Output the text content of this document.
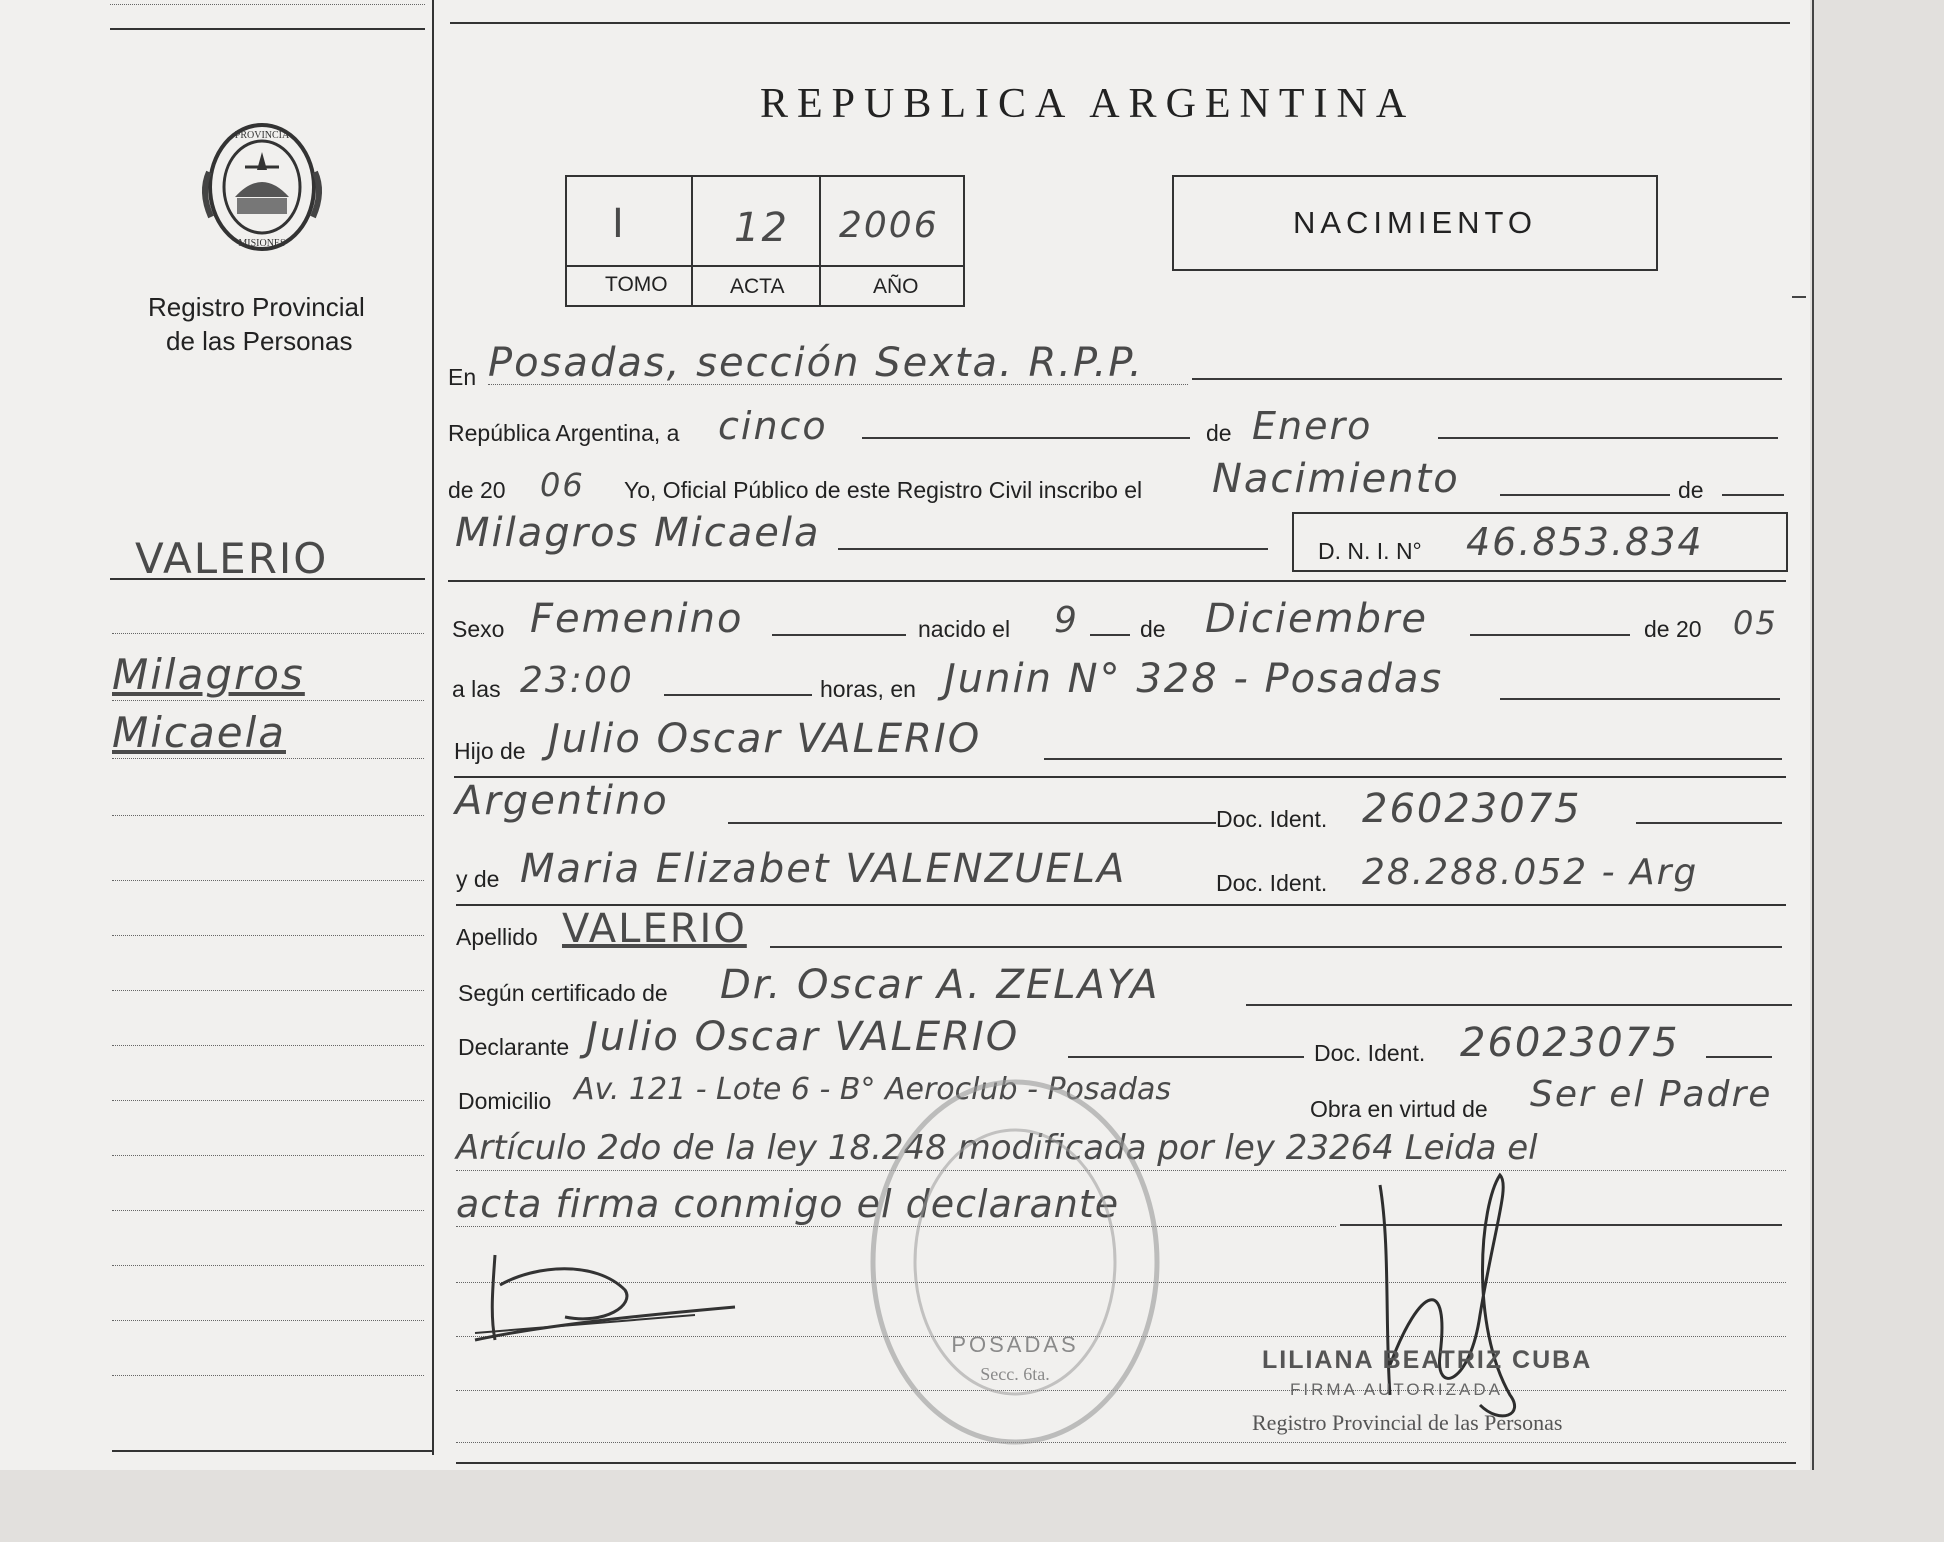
PROVINCIA
MISIONES
Registro Provincial
de las Personas
VALERIO
Milagros
Micaela
REPUBLICA ARGENTINA
I	12 2006
TOMO	ACTA	AÑO
NACIMIENTO
En Posadas, sección Sexta. R.P.P.
República Argentina, a cinco	de Enero
de 20 06 Yo, Oficial Público de este Registro Civil inscribo el Nacimiento	de
Milagros Micaela	D. N. I. N° 46.853.834
Sexo Femenino	nacido el 9	de Diciembre	de 20 05
a las 23:00	horas, en Junin N° 328 - Posadas
Hijo de Julio Oscar VALERIO
Argentino	Doc. Ident. 26023075
y de Maria Elizabet VALENZUELA	Doc. Ident. 28.288.052 - Arg
Apellido VALERIO
Según certificado de Dr. Oscar A. ZELAYA
Declarante Julio Oscar VALERIO	Doc. Ident. 26023075
Domicilio Av. 121 - Lote 6 - B° Aeroclub - Posadas
Obra en virtud de Ser el Padre
Artículo 2do de la ley 18.248 modificada por ley 23264 Leida el
acta firma conmigo el declarante
POSADAS
Secc. 6ta.	LILIANA BEATRIZ CUBA
FIRMA AUTORIZADA
Registro Provincial de las Personas
